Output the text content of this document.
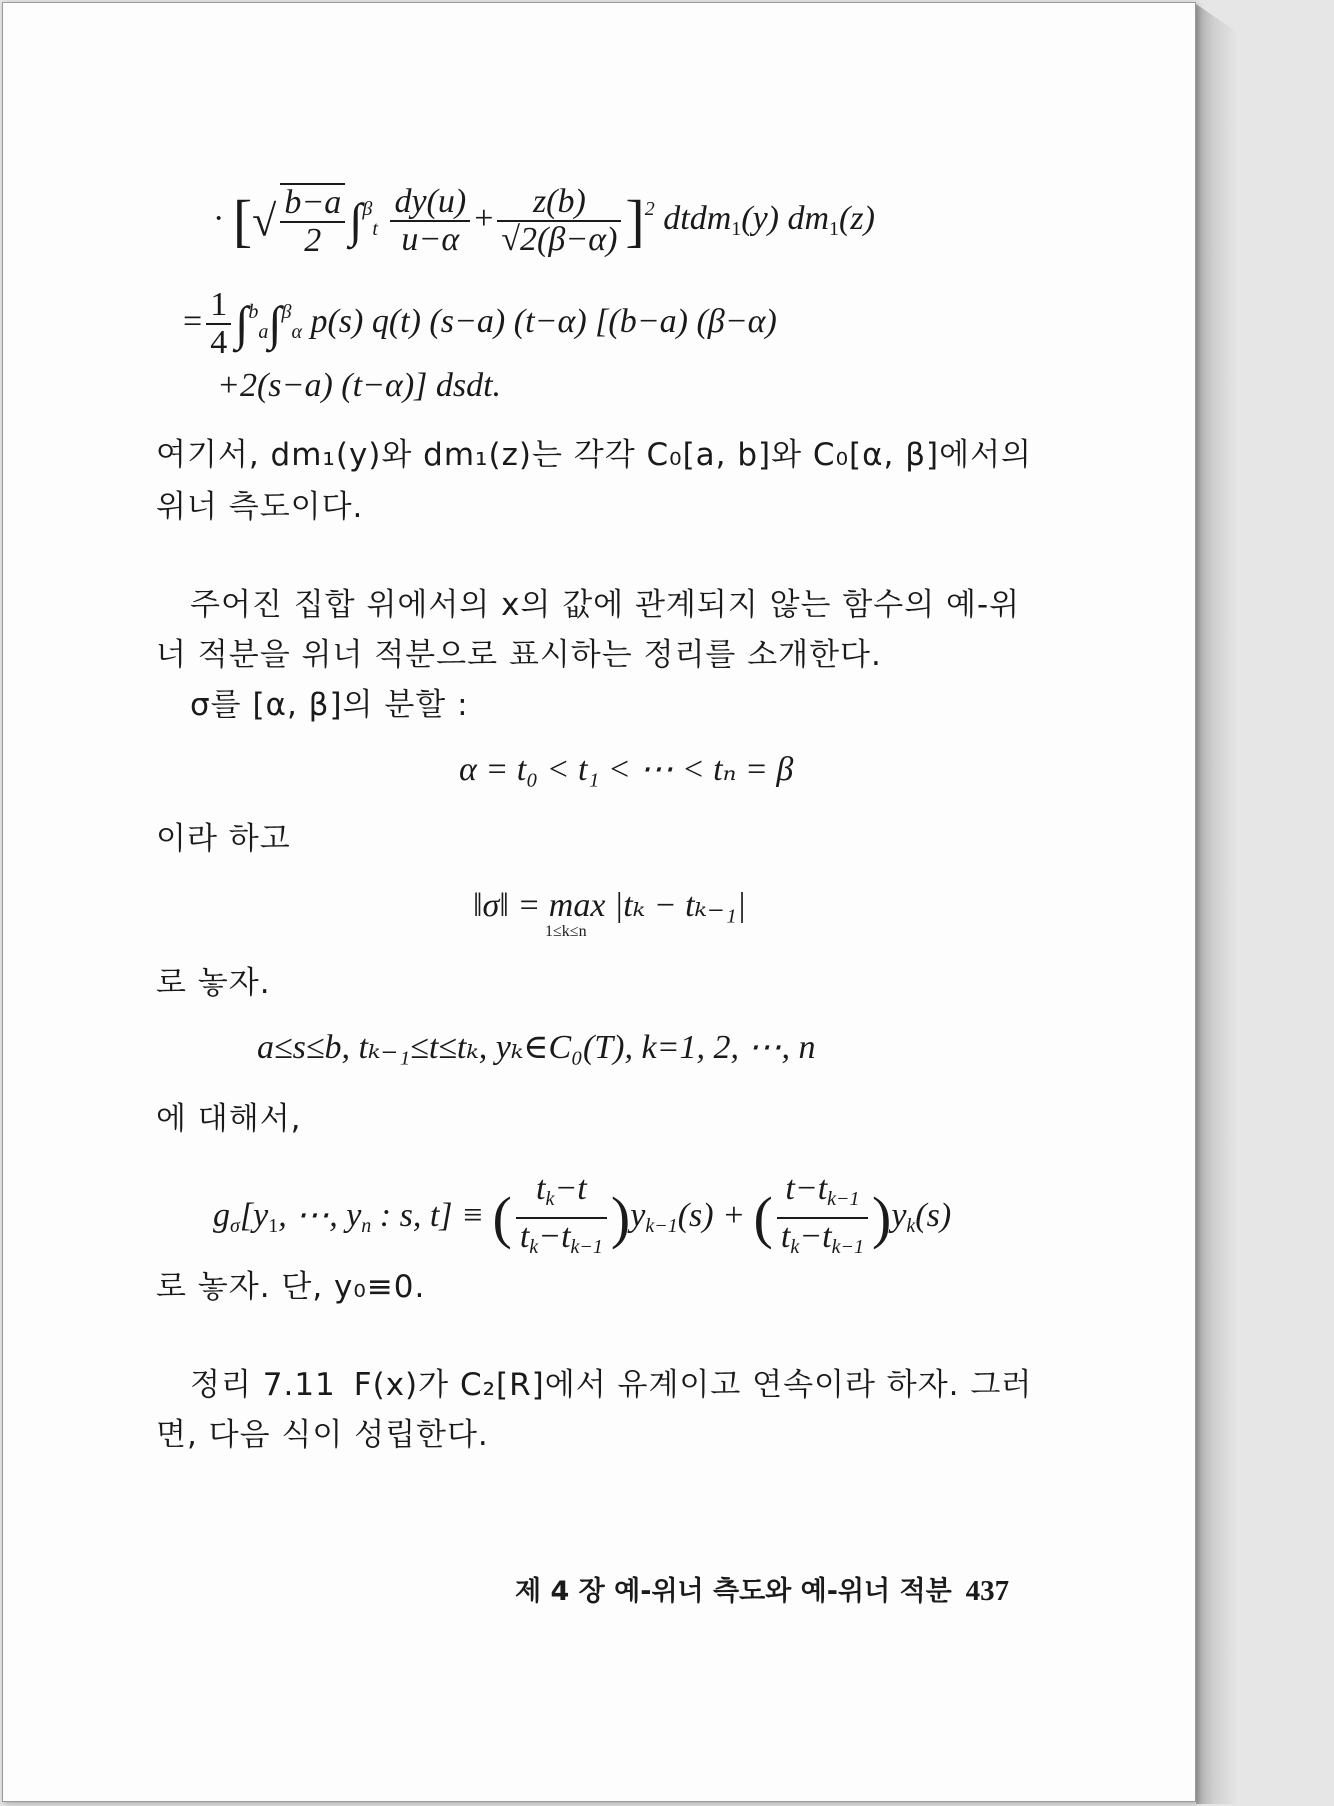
· [√ $\frac{b-a}{2} \int^\beta_t \frac{dy(u)}{u-\alpha} + \frac{z(b)}{√2(\beta-\alpha)} ]^2$ dtdm$_1$(y) $dm_1(z)$
= $\frac{1}{4} \int^b_a\int^\beta_\alpha$ p(s) q(t) (s−a) (t−α) [(b−a) (β−α)
+2(s−a) (t−α)] dsdt.
여기서, dm₁(y)와 dm₁(z)는 각각 C₀[a, b]와 C₀[α, β]에서의
위너 측도이다.
주어진 집합 위에서의 x의 값에 관계되지 않는 함수의 예-위
너 적분을 위너 적분으로 표시하는 정리를 소개한다.
σ를 [α, β]의 분할 :
α = t₀ < t₁ < ⋯ < tₙ = β
이라 하고
‖σ‖ = max |tₖ − tₖ₋₁|
1≤k≤n
로 놓자.
a≤s≤b, tₖ₋₁≤t≤tₖ, yₖ∈C₀(T), k=1, 2, ⋯, n
에 대해서,
$g_\sigma[y_1$, ⋯, $y_n$ : s, t] ≡ ( $\frac{t_k-t}{t_k-t_{k-1}} )y_{k-1}(s)$ + ( $\frac{t-t_{k-1}}{t_k-t_{k-1}} )y_k(s)$
로 놓자. 단, y₀≡0.
정리 7.11 F(x)가 C₂[R]에서 유계이고 연속이라 하자. 그러
면, 다음 식이 성립한다.
제 4 장 예-위너 측도와 예-위너 적분 437
